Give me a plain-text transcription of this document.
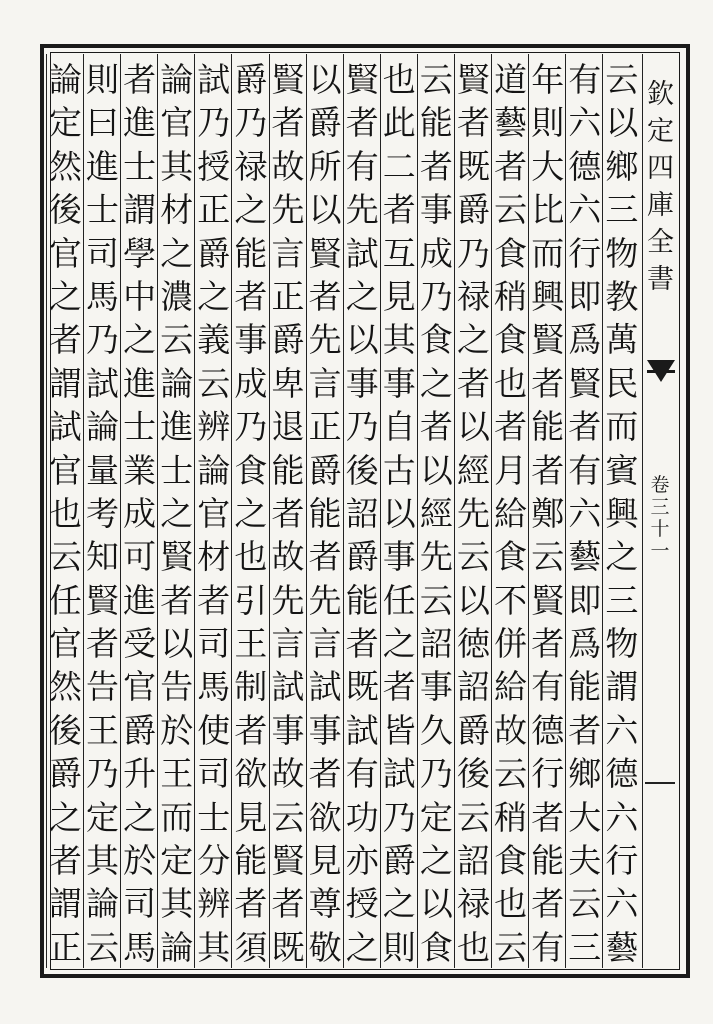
云
以
鄉
三
物
教
萬
民
而
賓
興
之
三
物
謂
六
德
六
行
六
藝
有
六
德
六
行
即
爲
賢
者
有
六
藝
即
爲
能
者
鄉
大
夫
云
三
年
則
大
比
而
興
賢
者
能
者
鄭
云
賢
者
有
德
行
者
能
者
有
道
藝
者
云
食
稍
食
也
者
月
給
食
不
併
給
故
云
稍
食
也
云
賢
者
既
爵
乃
禄
之
者
以
經
先
云
以
徳
詔
爵
後
云
詔
禄
也
云
能
者
事
成
乃
食
之
者
以
經
先
云
詔
事
久
乃
定
之
以
食
也
此
二
者
互
見
其
事
自
古
以
事
任
之
者
皆
試
乃
爵
之
則
賢
者
有
先
試
之
以
事
乃
後
詔
爵
能
者
既
試
有
功
亦
授
之
以
爵
所
以
賢
者
先
言
正
爵
能
者
先
言
試
事
者
欲
見
尊
敬
賢
者
故
先
言
正
爵
卑
退
能
者
故
先
言
試
事
故
云
賢
者
既
爵
乃
禄
之
能
者
事
成
乃
食
之
也
引
王
制
者
欲
見
能
者
須
試
乃
授
正
爵
之
義
云
辨
論
官
材
者
司
馬
使
司
士
分
辨
其
論
官
其
材
之
濃
云
論
進
士
之
賢
者
以
告
於
王
而
定
其
論
者
進
士
謂
學
中
之
進
士
業
成
可
進
受
官
爵
升
之
於
司
馬
則
曰
進
士
司
馬
乃
試
論
量
考
知
賢
者
告
王
乃
定
其
論
云
論
定
然
後
官
之
者
謂
試
官
也
云
任
官
然
後
爵
之
者
謂
正
欽
定
四
庫
全
書
卷
三
十
一
